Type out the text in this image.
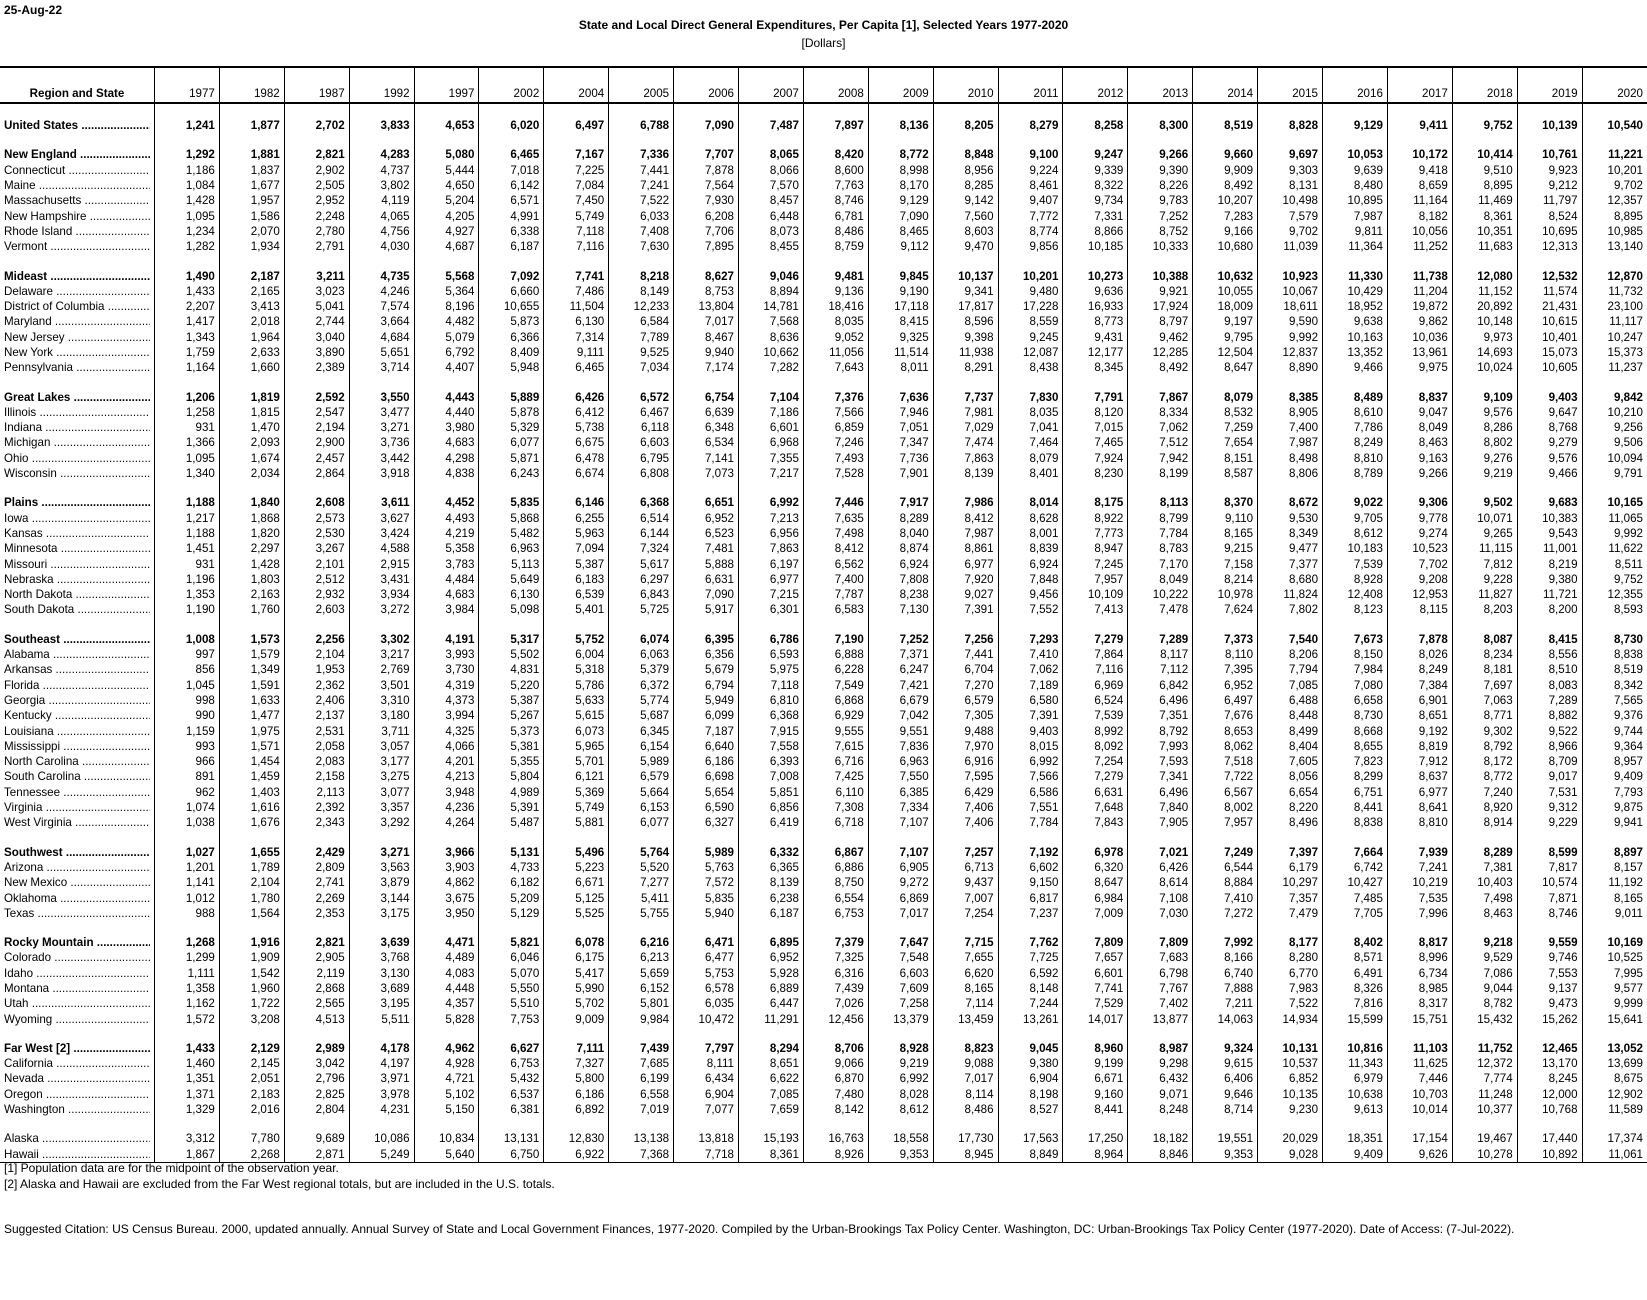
25-Aug-22
State and Local Direct General Expenditures, Per Capita [1], Selected Years 1977-2020
[Dollars]
Region and State	1977	1982	1987	1992	1997	2002	2004	2005	2006	2007	2008	2009	2010	2011	2012	2013	2014	2015	2016	2017	2018	2019	2020

United States .....	1,241	1,877	2,702	3,833	4,653	6,020	6,497	6,788	7,090	7,487	7,897	8,136	8,205	8,279	8,258	8,300	8,519	8,828	9,129	9,411	9,752	10,139	10,540

New England .....	1,292	1,881	2,821	4,283	5,080	6,465	7,167	7,336	7,707	8,065	8,420	8,772	8,848	9,100	9,247	9,266	9,660	9,697	10,053	10,172	10,414	10,761	11,221

Connecticut .....	1,186	1,837	2,902	4,737	5,444	7,018	7,225	7,441	7,878	8,066	8,600	8,998	8,956	9,224	9,339	9,390	9,909	9,303	9,639	9,418	9,510	9,923	10,201

Maine .....	1,084	1,677	2,505	3,802	4,650	6,142	7,084	7,241	7,564	7,570	7,763	8,170	8,285	8,461	8,322	8,226	8,492	8,131	8,480	8,659	8,895	9,212	9,702

Massachusetts .....	1,428	1,957	2,952	4,119	5,204	6,571	7,450	7,522	7,930	8,457	8,746	9,129	9,142	9,407	9,734	9,783	10,207	10,498	10,895	11,164	11,469	11,797	12,357

New Hampshire .....	1,095	1,586	2,248	4,065	4,205	4,991	5,749	6,033	6,208	6,448	6,781	7,090	7,560	7,772	7,331	7,252	7,283	7,579	7,987	8,182	8,361	8,524	8,895

Rhode Island .....	1,234	2,070	2,780	4,756	4,927	6,338	7,118	7,408	7,706	8,073	8,486	8,465	8,603	8,774	8,866	8,752	9,166	9,702	9,811	10,056	10,351	10,695	10,985

Vermont .....	1,282	1,934	2,791	4,030	4,687	6,187	7,116	7,630	7,895	8,455	8,759	9,112	9,470	9,856	10,185	10,333	10,680	11,039	11,364	11,252	11,683	12,313	13,140

Mideast .....	1,490	2,187	3,211	4,735	5,568	7,092	7,741	8,218	8,627	9,046	9,481	9,845	10,137	10,201	10,273	10,388	10,632	10,923	11,330	11,738	12,080	12,532	12,870

Delaware .....	1,433	2,165	3,023	4,246	5,364	6,660	7,486	8,149	8,753	8,894	9,136	9,190	9,341	9,480	9,636	9,921	10,055	10,067	10,429	11,204	11,152	11,574	11,732

District of Columbia .....	2,207	3,413	5,041	7,574	8,196	10,655	11,504	12,233	13,804	14,781	18,416	17,118	17,817	17,228	16,933	17,924	18,009	18,611	18,952	19,872	20,892	21,431	23,100

Maryland .....	1,417	2,018	2,744	3,664	4,482	5,873	6,130	6,584	7,017	7,568	8,035	8,415	8,596	8,559	8,773	8,797	9,197	9,590	9,638	9,862	10,148	10,615	11,117

New Jersey .....	1,343	1,964	3,040	4,684	5,079	6,366	7,314	7,789	8,467	8,636	9,052	9,325	9,398	9,245	9,431	9,462	9,795	9,992	10,163	10,036	9,973	10,401	10,247

New York .....	1,759	2,633	3,890	5,651	6,792	8,409	9,111	9,525	9,940	10,662	11,056	11,514	11,938	12,087	12,177	12,285	12,504	12,837	13,352	13,961	14,693	15,073	15,373

Pennsylvania .....	1,164	1,660	2,389	3,714	4,407	5,948	6,465	7,034	7,174	7,282	7,643	8,011	8,291	8,438	8,345	8,492	8,647	8,890	9,466	9,975	10,024	10,605	11,237

Great Lakes .....	1,206	1,819	2,592	3,550	4,443	5,889	6,426	6,572	6,754	7,104	7,376	7,636	7,737	7,830	7,791	7,867	8,079	8,385	8,489	8,837	9,109	9,403	9,842

Illinois .....	1,258	1,815	2,547	3,477	4,440	5,878	6,412	6,467	6,639	7,186	7,566	7,946	7,981	8,035	8,120	8,334	8,532	8,905	8,610	9,047	9,576	9,647	10,210

Indiana .....	931	1,470	2,194	3,271	3,980	5,329	5,738	6,118	6,348	6,601	6,859	7,051	7,029	7,041	7,015	7,062	7,259	7,400	7,786	8,049	8,286	8,768	9,256

Michigan .....	1,366	2,093	2,900	3,736	4,683	6,077	6,675	6,603	6,534	6,968	7,246	7,347	7,474	7,464	7,465	7,512	7,654	7,987	8,249	8,463	8,802	9,279	9,506

Ohio .....	1,095	1,674	2,457	3,442	4,298	5,871	6,478	6,795	7,141	7,355	7,493	7,736	7,863	8,079	7,924	7,942	8,151	8,498	8,810	9,163	9,276	9,576	10,094

Wisconsin .....	1,340	2,034	2,864	3,918	4,838	6,243	6,674	6,808	7,073	7,217	7,528	7,901	8,139	8,401	8,230	8,199	8,587	8,806	8,789	9,266	9,219	9,466	9,791

Plains .....	1,188	1,840	2,608	3,611	4,452	5,835	6,146	6,368	6,651	6,992	7,446	7,917	7,986	8,014	8,175	8,113	8,370	8,672	9,022	9,306	9,502	9,683	10,165

Iowa .....	1,217	1,868	2,573	3,627	4,493	5,868	6,255	6,514	6,952	7,213	7,635	8,289	8,412	8,628	8,922	8,799	9,110	9,530	9,705	9,778	10,071	10,383	11,065

Kansas .....	1,188	1,820	2,530	3,424	4,219	5,482	5,963	6,144	6,523	6,956	7,498	8,040	7,987	8,001	7,773	7,784	8,165	8,349	8,612	9,274	9,265	9,543	9,992

Minnesota .....	1,451	2,297	3,267	4,588	5,358	6,963	7,094	7,324	7,481	7,863	8,412	8,874	8,861	8,839	8,947	8,783	9,215	9,477	10,183	10,523	11,115	11,001	11,622

Missouri .....	931	1,428	2,101	2,915	3,783	5,113	5,387	5,617	5,888	6,197	6,562	6,924	6,977	6,924	7,245	7,170	7,158	7,377	7,539	7,702	7,812	8,219	8,511

Nebraska .....	1,196	1,803	2,512	3,431	4,484	5,649	6,183	6,297	6,631	6,977	7,400	7,808	7,920	7,848	7,957	8,049	8,214	8,680	8,928	9,208	9,228	9,380	9,752

North Dakota .....	1,353	2,163	2,932	3,934	4,683	6,130	6,539	6,843	7,090	7,215	7,787	8,238	9,027	9,456	10,109	10,222	10,978	11,824	12,408	12,953	11,827	11,721	12,355

South Dakota .....	1,190	1,760	2,603	3,272	3,984	5,098	5,401	5,725	5,917	6,301	6,583	7,130	7,391	7,552	7,413	7,478	7,624	7,802	8,123	8,115	8,203	8,200	8,593

Southeast .....	1,008	1,573	2,256	3,302	4,191	5,317	5,752	6,074	6,395	6,786	7,190	7,252	7,256	7,293	7,279	7,289	7,373	7,540	7,673	7,878	8,087	8,415	8,730

Alabama .....	997	1,579	2,104	3,217	3,993	5,502	6,004	6,063	6,356	6,593	6,888	7,371	7,441	7,410	7,864	8,117	8,110	8,206	8,150	8,026	8,234	8,556	8,838

Arkansas .....	856	1,349	1,953	2,769	3,730	4,831	5,318	5,379	5,679	5,975	6,228	6,247	6,704	7,062	7,116	7,112	7,395	7,794	7,984	8,249	8,181	8,510	8,519

Florida .....	1,045	1,591	2,362	3,501	4,319	5,220	5,786	6,372	6,794	7,118	7,549	7,421	7,270	7,189	6,969	6,842	6,952	7,085	7,080	7,384	7,697	8,083	8,342

Georgia .....	998	1,633	2,406	3,310	4,373	5,387	5,633	5,774	5,949	6,810	6,868	6,679	6,579	6,580	6,524	6,496	6,497	6,488	6,658	6,901	7,063	7,289	7,565

Kentucky .....	990	1,477	2,137	3,180	3,994	5,267	5,615	5,687	6,099	6,368	6,929	7,042	7,305	7,391	7,539	7,351	7,676	8,448	8,730	8,651	8,771	8,882	9,376

Louisiana .....	1,159	1,975	2,531	3,711	4,325	5,373	6,073	6,345	7,187	7,915	9,555	9,551	9,488	9,403	8,992	8,792	8,653	8,499	8,668	9,192	9,302	9,522	9,744

Mississippi .....	993	1,571	2,058	3,057	4,066	5,381	5,965	6,154	6,640	7,558	7,615	7,836	7,970	8,015	8,092	7,993	8,062	8,404	8,655	8,819	8,792	8,966	9,364

North Carolina .....	966	1,454	2,083	3,177	4,201	5,355	5,701	5,989	6,186	6,393	6,716	6,963	6,916	6,992	7,254	7,593	7,518	7,605	7,823	7,912	8,172	8,709	8,957

South Carolina .....	891	1,459	2,158	3,275	4,213	5,804	6,121	6,579	6,698	7,008	7,425	7,550	7,595	7,566	7,279	7,341	7,722	8,056	8,299	8,637	8,772	9,017	9,409

Tennessee .....	962	1,403	2,113	3,077	3,948	4,989	5,369	5,664	5,654	5,851	6,110	6,385	6,429	6,586	6,631	6,496	6,567	6,654	6,751	6,977	7,240	7,531	7,793

Virginia .....	1,074	1,616	2,392	3,357	4,236	5,391	5,749	6,153	6,590	6,856	7,308	7,334	7,406	7,551	7,648	7,840	8,002	8,220	8,441	8,641	8,920	9,312	9,875

West Virginia .....	1,038	1,676	2,343	3,292	4,264	5,487	5,881	6,077	6,327	6,419	6,718	7,107	7,406	7,784	7,843	7,905	7,957	8,496	8,838	8,810	8,914	9,229	9,941

Southwest .....	1,027	1,655	2,429	3,271	3,966	5,131	5,496	5,764	5,989	6,332	6,867	7,107	7,257	7,192	6,978	7,021	7,249	7,397	7,664	7,939	8,289	8,599	8,897

Arizona .....	1,201	1,789	2,809	3,563	3,903	4,733	5,223	5,520	5,763	6,365	6,886	6,905	6,713	6,602	6,320	6,426	6,544	6,179	6,742	7,241	7,381	7,817	8,157

New Mexico .....	1,141	2,104	2,741	3,879	4,862	6,182	6,671	7,277	7,572	8,139	8,750	9,272	9,437	9,150	8,647	8,614	8,884	10,297	10,427	10,219	10,403	10,574	11,192

Oklahoma .....	1,012	1,780	2,269	3,144	3,675	5,209	5,125	5,411	5,835	6,238	6,554	6,869	7,007	6,817	6,984	7,108	7,410	7,357	7,485	7,535	7,498	7,871	8,165

Texas .....	988	1,564	2,353	3,175	3,950	5,129	5,525	5,755	5,940	6,187	6,753	7,017	7,254	7,237	7,009	7,030	7,272	7,479	7,705	7,996	8,463	8,746	9,011

Rocky Mountain .....	1,268	1,916	2,821	3,639	4,471	5,821	6,078	6,216	6,471	6,895	7,379	7,647	7,715	7,762	7,809	7,809	7,992	8,177	8,402	8,817	9,218	9,559	10,169

Colorado .....	1,299	1,909	2,905	3,768	4,489	6,046	6,175	6,213	6,477	6,952	7,325	7,548	7,655	7,725	7,657	7,683	8,166	8,280	8,571	8,996	9,529	9,746	10,525

Idaho .....	1,111	1,542	2,119	3,130	4,083	5,070	5,417	5,659	5,753	5,928	6,316	6,603	6,620	6,592	6,601	6,798	6,740	6,770	6,491	6,734	7,086	7,553	7,995

Montana .....	1,358	1,960	2,868	3,689	4,448	5,550	5,990	6,152	6,578	6,889	7,439	7,609	8,165	8,148	7,741	7,767	7,888	7,983	8,326	8,985	9,044	9,137	9,577

Utah .....	1,162	1,722	2,565	3,195	4,357	5,510	5,702	5,801	6,035	6,447	7,026	7,258	7,114	7,244	7,529	7,402	7,211	7,522	7,816	8,317	8,782	9,473	9,999

Wyoming .....	1,572	3,208	4,513	5,511	5,828	7,753	9,009	9,984	10,472	11,291	12,456	13,379	13,459	13,261	14,017	13,877	14,063	14,934	15,599	15,751	15,432	15,262	15,641

Far West [2] .....	1,433	2,129	2,989	4,178	4,962	6,627	7,111	7,439	7,797	8,294	8,706	8,928	8,823	9,045	8,960	8,987	9,324	10,131	10,816	11,103	11,752	12,465	13,052

California .....	1,460	2,145	3,042	4,197	4,928	6,753	7,327	7,685	8,111	8,651	9,066	9,219	9,088	9,380	9,199	9,298	9,615	10,537	11,343	11,625	12,372	13,170	13,699

Nevada .....	1,351	2,051	2,796	3,971	4,721	5,432	5,800	6,199	6,434	6,622	6,870	6,992	7,017	6,904	6,671	6,432	6,406	6,852	6,979	7,446	7,774	8,245	8,675

Oregon .....	1,371	2,183	2,825	3,978	5,102	6,537	6,186	6,558	6,904	7,085	7,480	8,028	8,114	8,198	9,160	9,071	9,646	10,135	10,638	10,703	11,248	12,000	12,902

Washington .....	1,329	2,016	2,804	4,231	5,150	6,381	6,892	7,019	7,077	7,659	8,142	8,612	8,486	8,527	8,441	8,248	8,714	9,230	9,613	10,014	10,377	10,768	11,589

Alaska .....	3,312	7,780	9,689	10,086	10,834	13,131	12,830	13,138	13,818	15,193	16,763	18,558	17,730	17,563	17,250	18,182	19,551	20,029	18,351	17,154	19,467	17,440	17,374

Hawaii .....	1,867	2,268	2,871	5,249	5,640	6,750	6,922	7,368	7,718	8,361	8,926	9,353	8,945	8,849	8,964	8,846	9,353	9,028	9,409	9,626	10,278	10,892	11,061
[1] Population data are for the midpoint of the observation year.
[2] Alaska and Hawaii are excluded from the Far West regional totals, but are included in the U.S. totals.
Suggested Citation: US Census Bureau. 2000, updated annually. Annual Survey of State and Local Government Finances, 1977-2020. Compiled by the Urban-Brookings Tax Policy Center. Washington, DC: Urban-Brookings Tax Policy Center (1977-2020). Date of Access: (7-Jul-2022).
